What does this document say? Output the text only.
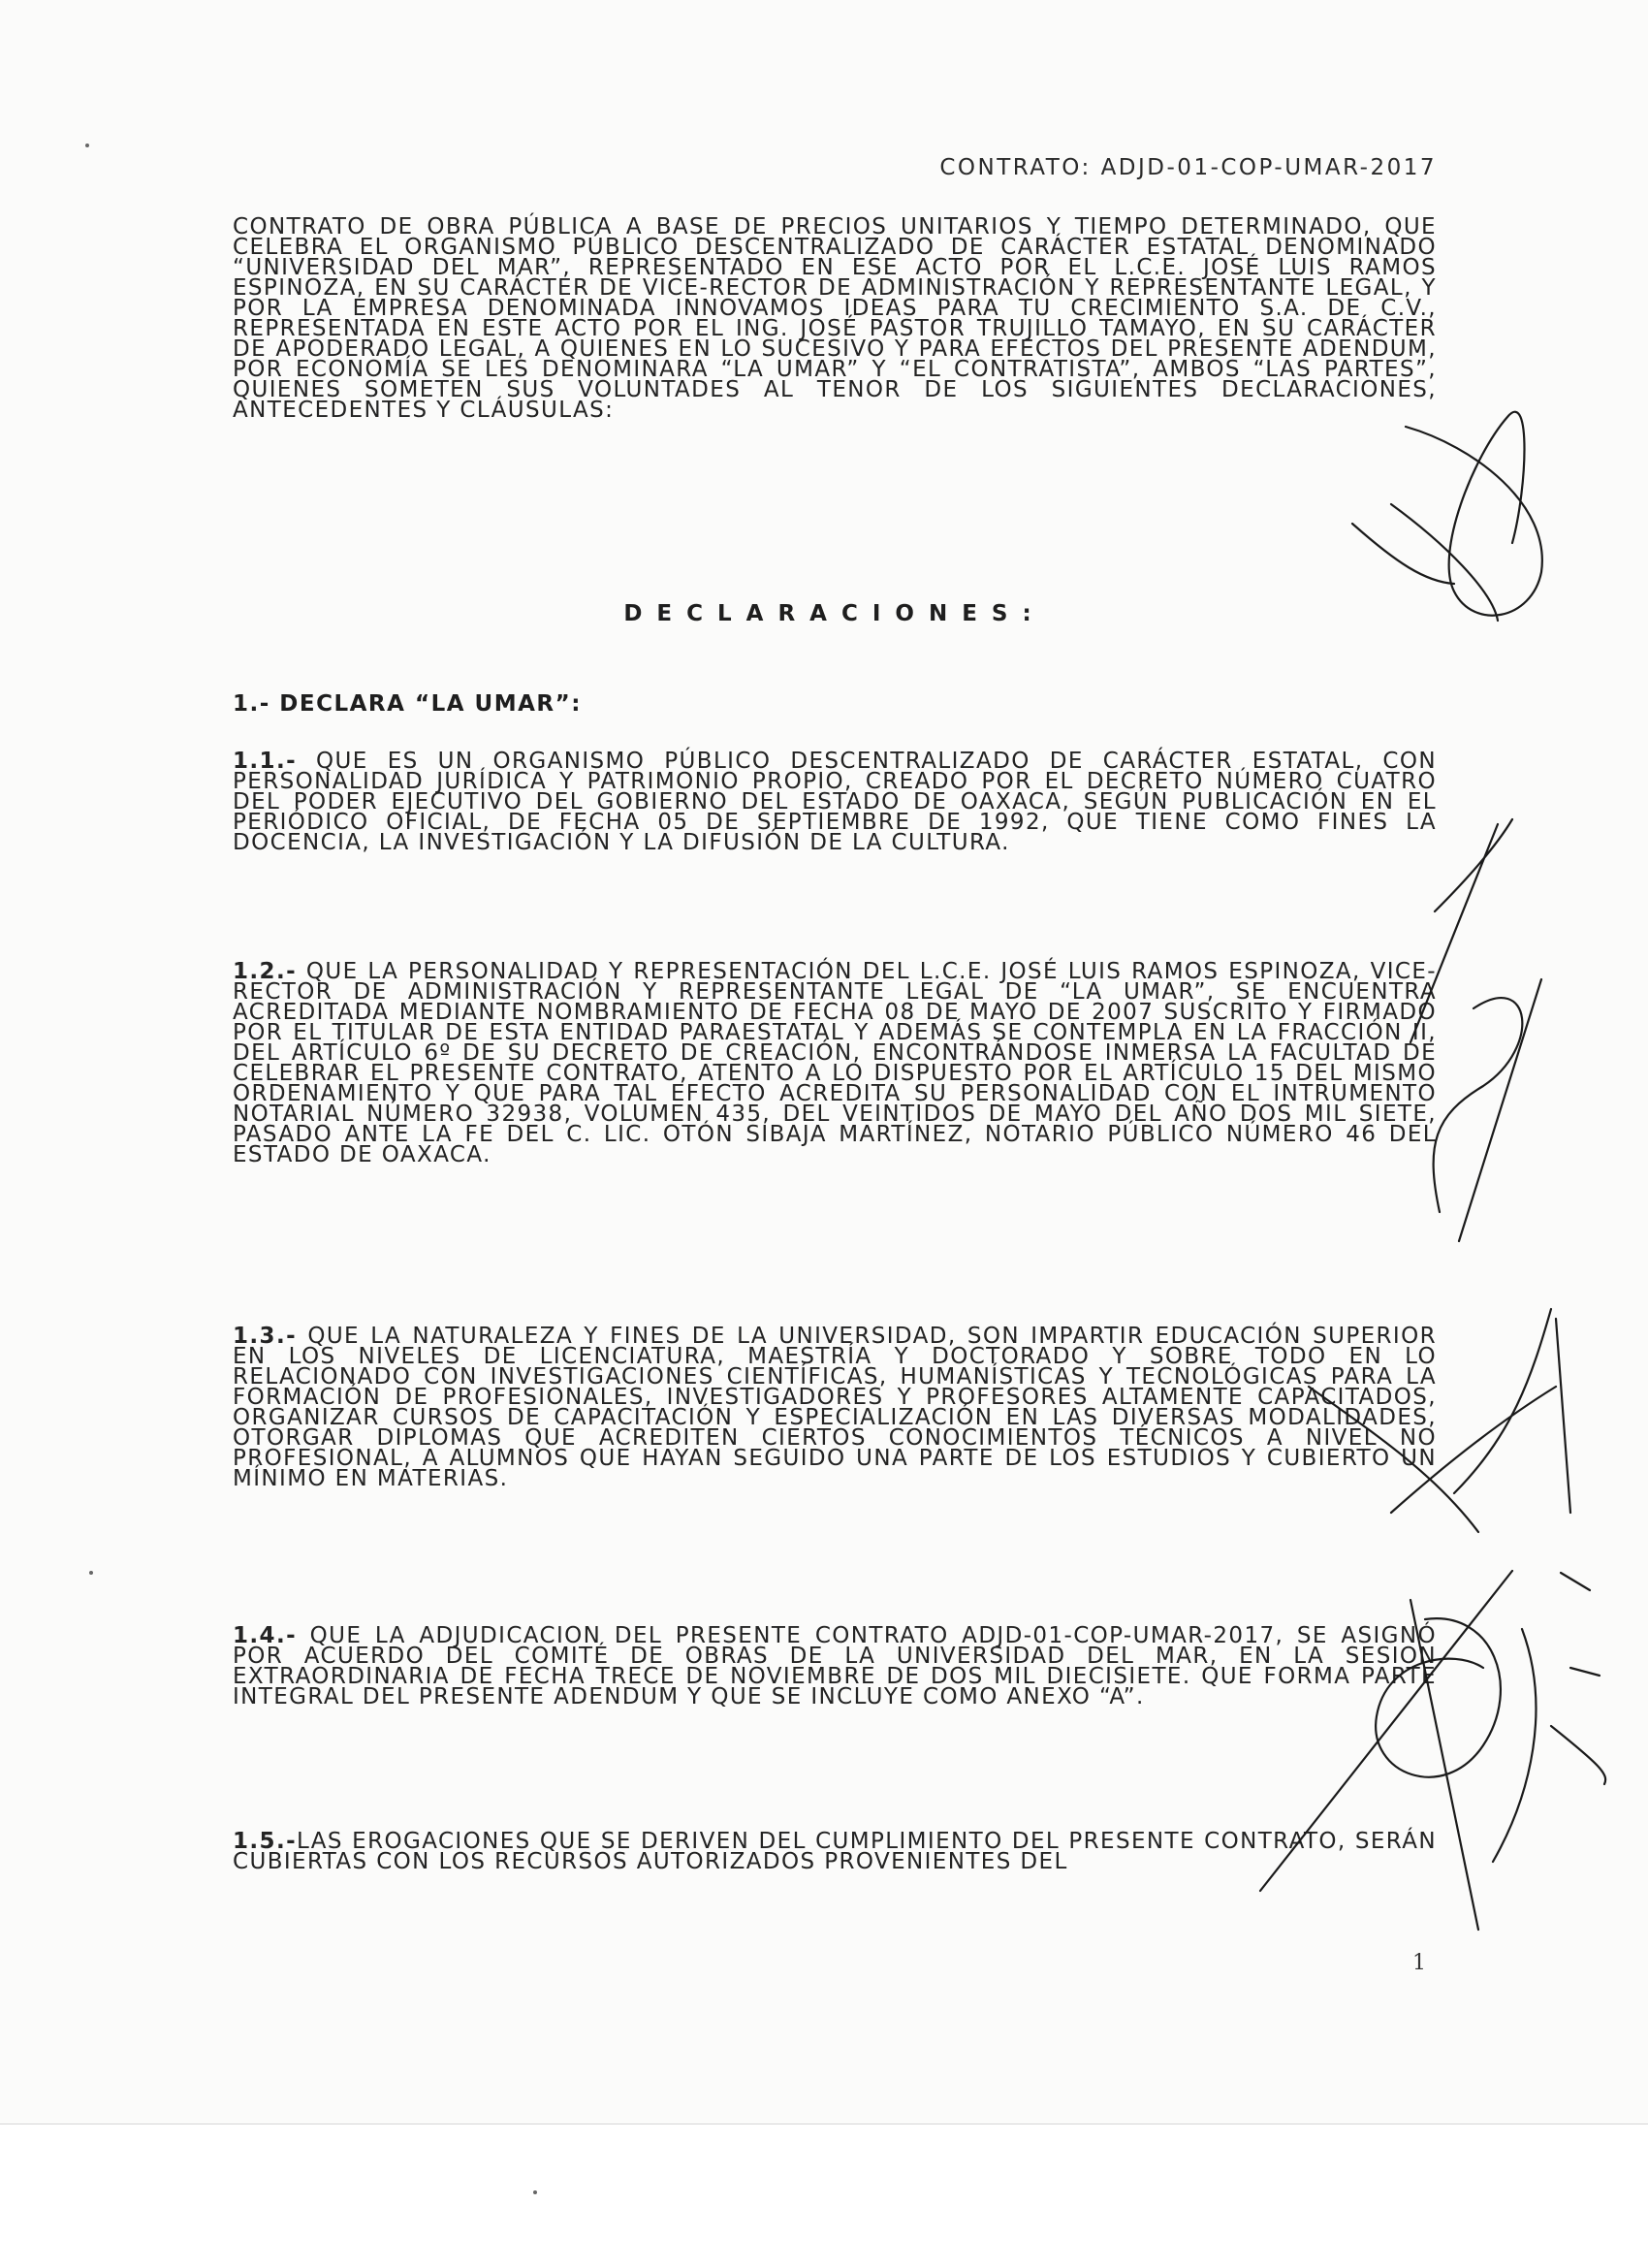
CONTRATO: ADJD-01-COP-UMAR-2017
CONTRATO DE OBRA PÚBLICA A BASE DE PRECIOS UNITARIOS Y TIEMPO DETERMINADO, QUE CELEBRA EL ORGANISMO PÚBLICO DESCENTRALIZADO DE CARÁCTER ESTATAL DENOMINADO “UNIVERSIDAD DEL MAR”, REPRESENTADO EN ESE ACTO POR EL L.C.E. JOSÉ LUIS RAMOS ESPINOZA, EN SU CARÁCTER DE VICE-RECTOR DE ADMINISTRACIÓN Y REPRESENTANTE LEGAL, Y POR LA EMPRESA DENOMINADA INNOVAMOS IDEAS PARA TU CRECIMIENTO S.A. DE C.V., REPRESENTADA EN ESTE ACTO POR EL ING. JOSÉ PASTOR TRUJILLO TAMAYO, EN SU CARÁCTER DE APODERADO LEGAL, A QUIENES EN LO SUCESIVO Y PARA EFECTOS DEL PRESENTE ADENDUM, POR ECONOMÍA SE LES DENOMINARA “LA UMAR” Y “EL CONTRATISTA”, AMBOS “LAS PARTES”, QUIENES SOMETEN SUS VOLUNTADES AL TENOR DE LOS SIGUIENTES DECLARACIONES, ANTECEDENTES Y CLÁUSULAS:
DECLARACIONES:
1.- DECLARA “LA UMAR”:
1.1.- QUE ES UN ORGANISMO PÚBLICO DESCENTRALIZADO DE CARÁCTER ESTATAL, CON PERSONALIDAD JURÍDICA Y PATRIMONIO PROPIO, CREADO POR EL DECRETO NÚMERO CUATRO DEL PODER EJECUTIVO DEL GOBIERNO DEL ESTADO DE OAXACA, SEGÚN PUBLICACIÓN EN EL PERIÓDICO OFICIAL, DE FECHA 05 DE SEPTIEMBRE DE 1992, QUE TIENE COMO FINES LA DOCENCIA, LA INVESTIGACIÓN Y LA DIFUSIÓN DE LA CULTURA.
1.2.- QUE LA PERSONALIDAD Y REPRESENTACIÓN DEL L.C.E. JOSÉ LUIS RAMOS ESPINOZA, VICE-RECTOR DE ADMINISTRACIÓN Y REPRESENTANTE LEGAL DE “LA UMAR”, SE ENCUENTRA ACREDITADA MEDIANTE NOMBRAMIENTO DE FECHA 08 DE MAYO DE 2007 SUSCRITO Y FIRMADO POR EL TITULAR DE ESTA ENTIDAD PARAESTATAL Y ADEMÁS SE CONTEMPLA EN LA FRACCIÓN II, DEL ARTÍCULO 6º DE SU DECRETO DE CREACIÓN, ENCONTRÁNDOSE INMERSA LA FACULTAD DE CELEBRAR EL PRESENTE CONTRATO, ATENTO A LO DISPUESTO POR EL ARTÍCULO 15 DEL MISMO ORDENAMIENTO Y QUE PARA TAL EFECTO ACREDITA SU PERSONALIDAD CON EL INTRUMENTO NOTARIAL NÚMERO 32938, VOLUMEN 435, DEL VEINTIDOS DE MAYO DEL AÑO DOS MIL SIETE, PASADO ANTE LA FE DEL C. LIC. OTÓN SIBAJA MARTÍNEZ, NOTARIO PÚBLICO NÚMERO 46 DEL ESTADO DE OAXACA.
1.3.- QUE LA NATURALEZA Y FINES DE LA UNIVERSIDAD, SON IMPARTIR EDUCACIÓN SUPERIOR EN LOS NIVELES DE LICENCIATURA, MAESTRÍA Y DOCTORADO Y SOBRE TODO EN LO RELACIONADO CON INVESTIGACIONES CIENTÍFICAS, HUMANÍSTICAS Y TECNOLÓGICAS PARA LA FORMACIÓN DE PROFESIONALES, INVESTIGADORES Y PROFESORES ALTAMENTE CAPACITADOS, ORGANIZAR CURSOS DE CAPACITACIÓN Y ESPECIALIZACIÓN EN LAS DIVERSAS MODALIDADES, OTORGAR DIPLOMAS QUE ACREDITEN CIERTOS CONOCIMIENTOS TÉCNICOS A NIVEL NO PROFESIONAL, A ALUMNOS QUE HAYAN SEGUIDO UNA PARTE DE LOS ESTUDIOS Y CUBIERTO UN MÍNIMO EN MATERIAS.
1.4.- QUE LA ADJUDICACION DEL PRESENTE CONTRATO ADJD-01-COP-UMAR-2017, SE ASIGNÓ POR ACUERDO DEL COMITÉ DE OBRAS DE LA UNIVERSIDAD DEL MAR, EN LA SESION EXTRAORDINARIA DE FECHA TRECE DE NOVIEMBRE DE DOS MIL DIECISIETE. QUE FORMA PARTE INTEGRAL DEL PRESENTE ADENDUM Y QUE SE INCLUYE COMO ANEXO “A”.
1.5.-LAS EROGACIONES QUE SE DERIVEN DEL CUMPLIMIENTO DEL PRESENTE CONTRATO, SERÁN CUBIERTAS CON LOS RECURSOS AUTORIZADOS PROVENIENTES DEL
1
